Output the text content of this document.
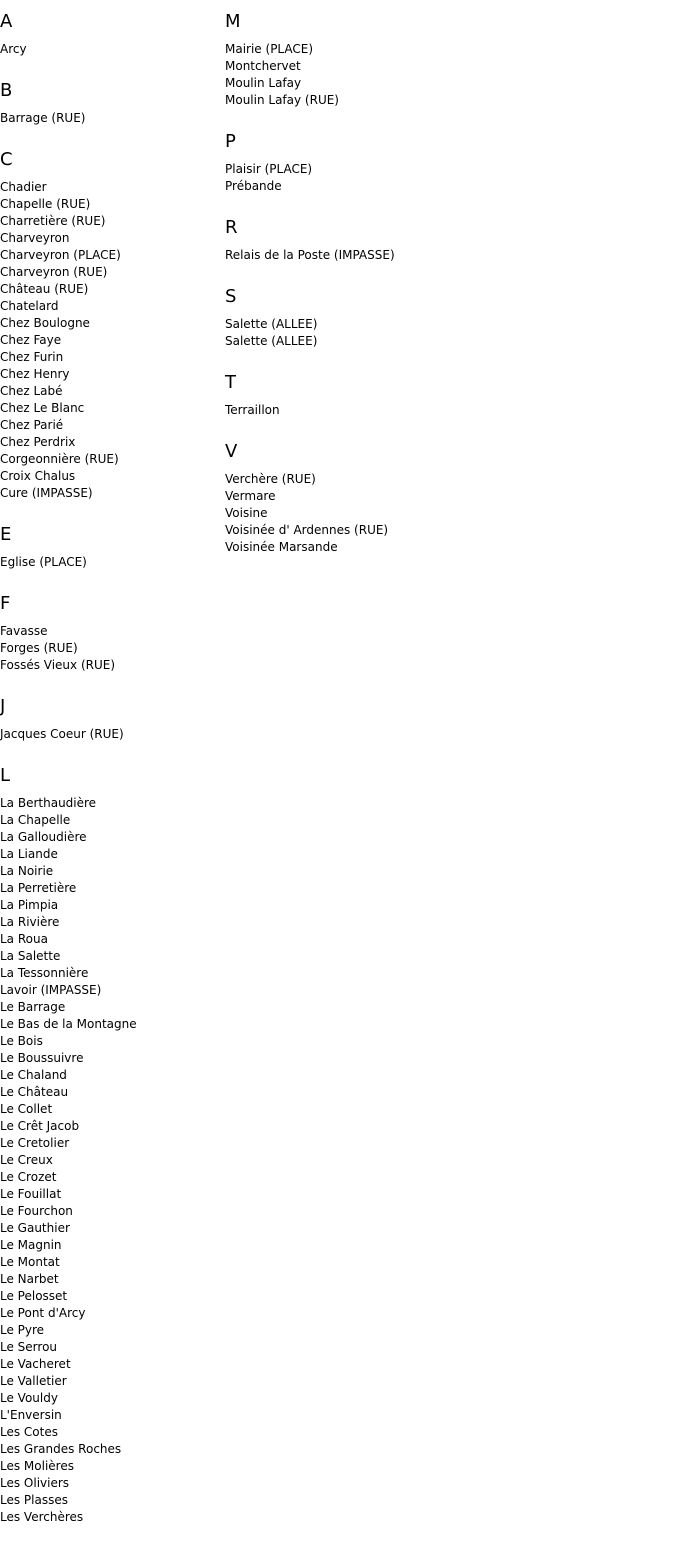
A
Arcy
B
Barrage (RUE)
C
Chadier
Chapelle (RUE)
Charretière (RUE)
Charveyron
Charveyron (PLACE)
Charveyron (RUE)
Château (RUE)
Chatelard
Chez Boulogne
Chez Faye
Chez Furin
Chez Henry
Chez Labé
Chez Le Blanc
Chez Parié
Chez Perdrix
Corgeonnière (RUE)
Croix Chalus
Cure (IMPASSE)
E
Eglise (PLACE)
F
Favasse
Forges (RUE)
Fossés Vieux (RUE)
J
Jacques Coeur (RUE)
L
La Berthaudière
La Chapelle
La Galloudière
La Liande
La Noirie
La Perretière
La Pimpia
La Rivière
La Roua
La Salette
La Tessonnière
Lavoir (IMPASSE)
Le Barrage
Le Bas de la Montagne
Le Bois
Le Boussuivre
Le Chaland
Le Château
Le Collet
Le Crêt Jacob
Le Cretolier
Le Creux
Le Crozet
Le Fouillat
Le Fourchon
Le Gauthier
Le Magnin
Le Montat
Le Narbet
Le Pelosset
Le Pont d'Arcy
Le Pyre
Le Serrou
Le Vacheret
Le Valletier
Le Vouldy
L'Enversin
Les Cotes
Les Grandes Roches
Les Molières
Les Oliviers
Les Plasses
Les Verchères
M
Mairie (PLACE)
Montchervet
Moulin Lafay
Moulin Lafay (RUE)
P
Plaisir (PLACE)
Prébande
R
Relais de la Poste (IMPASSE)
S
Salette (ALLEE)
Salette (ALLEE)
T
Terraillon
V
Verchère (RUE)
Vermare
Voisine
Voisinée d' Ardennes (RUE)
Voisinée Marsande
